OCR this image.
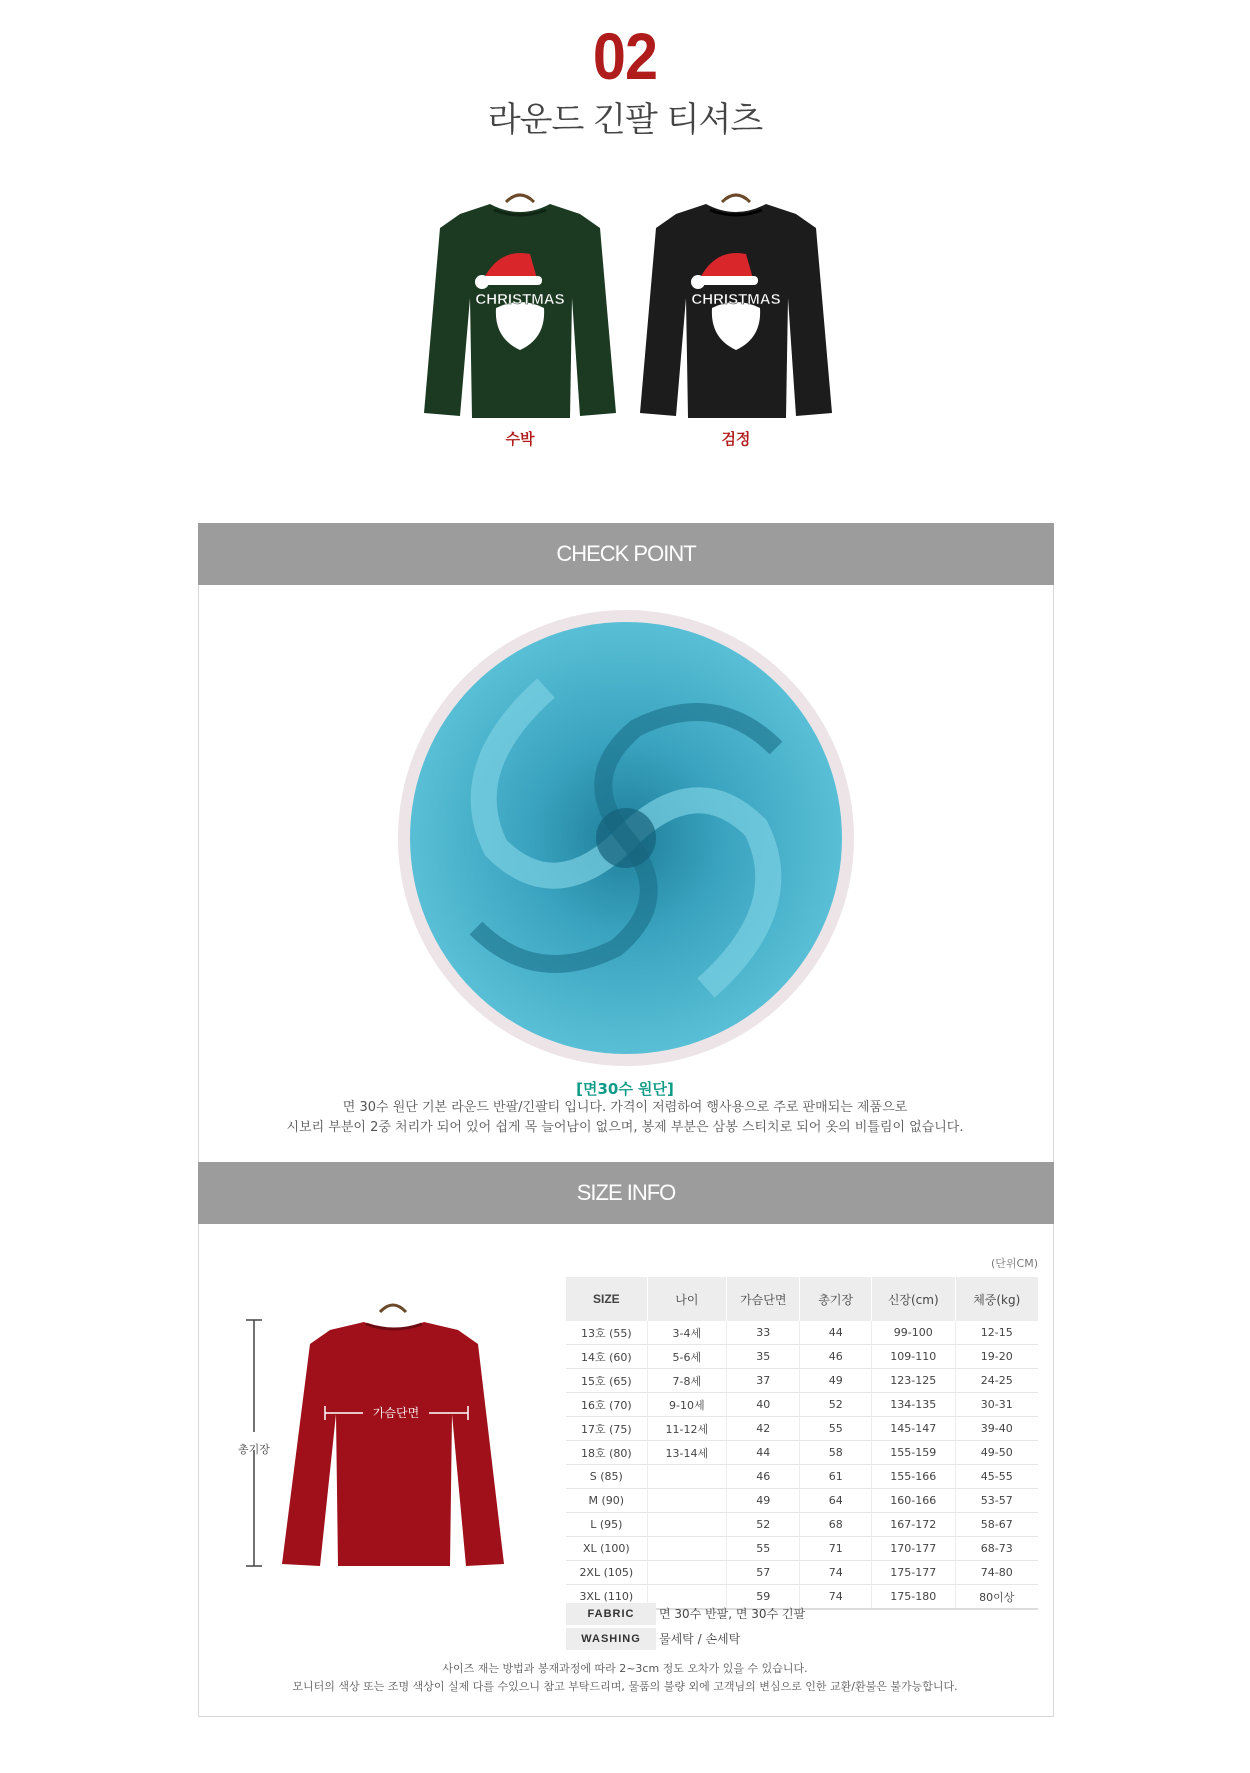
02
라운드 긴팔 티셔츠
CHRISTMAS
수박
CHRISTMAS
검정
CHECK POINT
[면30수 원단]
면 30수 원단 기본 라운드 반팔/긴팔티 입니다. 가격이 저렴하여 행사용으로 주로 판매되는 제품으로
시보리 부분이 2중 처리가 되어 있어 쉽게 목 늘어남이 없으며, 봉제 부분은 삼봉 스티치로 되어 옷의 비틀림이 없습니다.
SIZE INFO
가슴단면
총기장
(단위CM)
SIZE	나이	가슴단면	총기장	신장(cm)	체중(kg)
13호 (55)	3-4세	33	44	99-100	12-15
14호 (60)	5-6세	35	46	109-110	19-20
15호 (65)	7-8세	37	49	123-125	24-25
16호 (70)	9-10세	40	52	134-135	30-31
17호 (75)	11-12세	42	55	145-147	39-40
18호 (80)	13-14세	44	58	155-159	49-50
S (85)		46	61	155-166	45-55
M (90)		49	64	160-166	53-57
L (95)		52	68	167-172	58-67
XL (100)		55	71	170-177	68-73
2XL (105)		57	74	175-177	74-80
3XL (110)		59	74	175-180	80이상
FABRIC	면 30수 반팔, 면 30수 긴팔
WASHING	물세탁 / 손세탁
사이즈 재는 방법과 봉재과정에 따라 2~3cm 정도 오차가 있을 수 있습니다.
모니터의 색상 또는 조명 색상이 실제 다를 수있으니 참고 부탁드리며, 물품의 불량 외에 고객님의 변심으로 인한 교환/환불은 불가능합니다.
